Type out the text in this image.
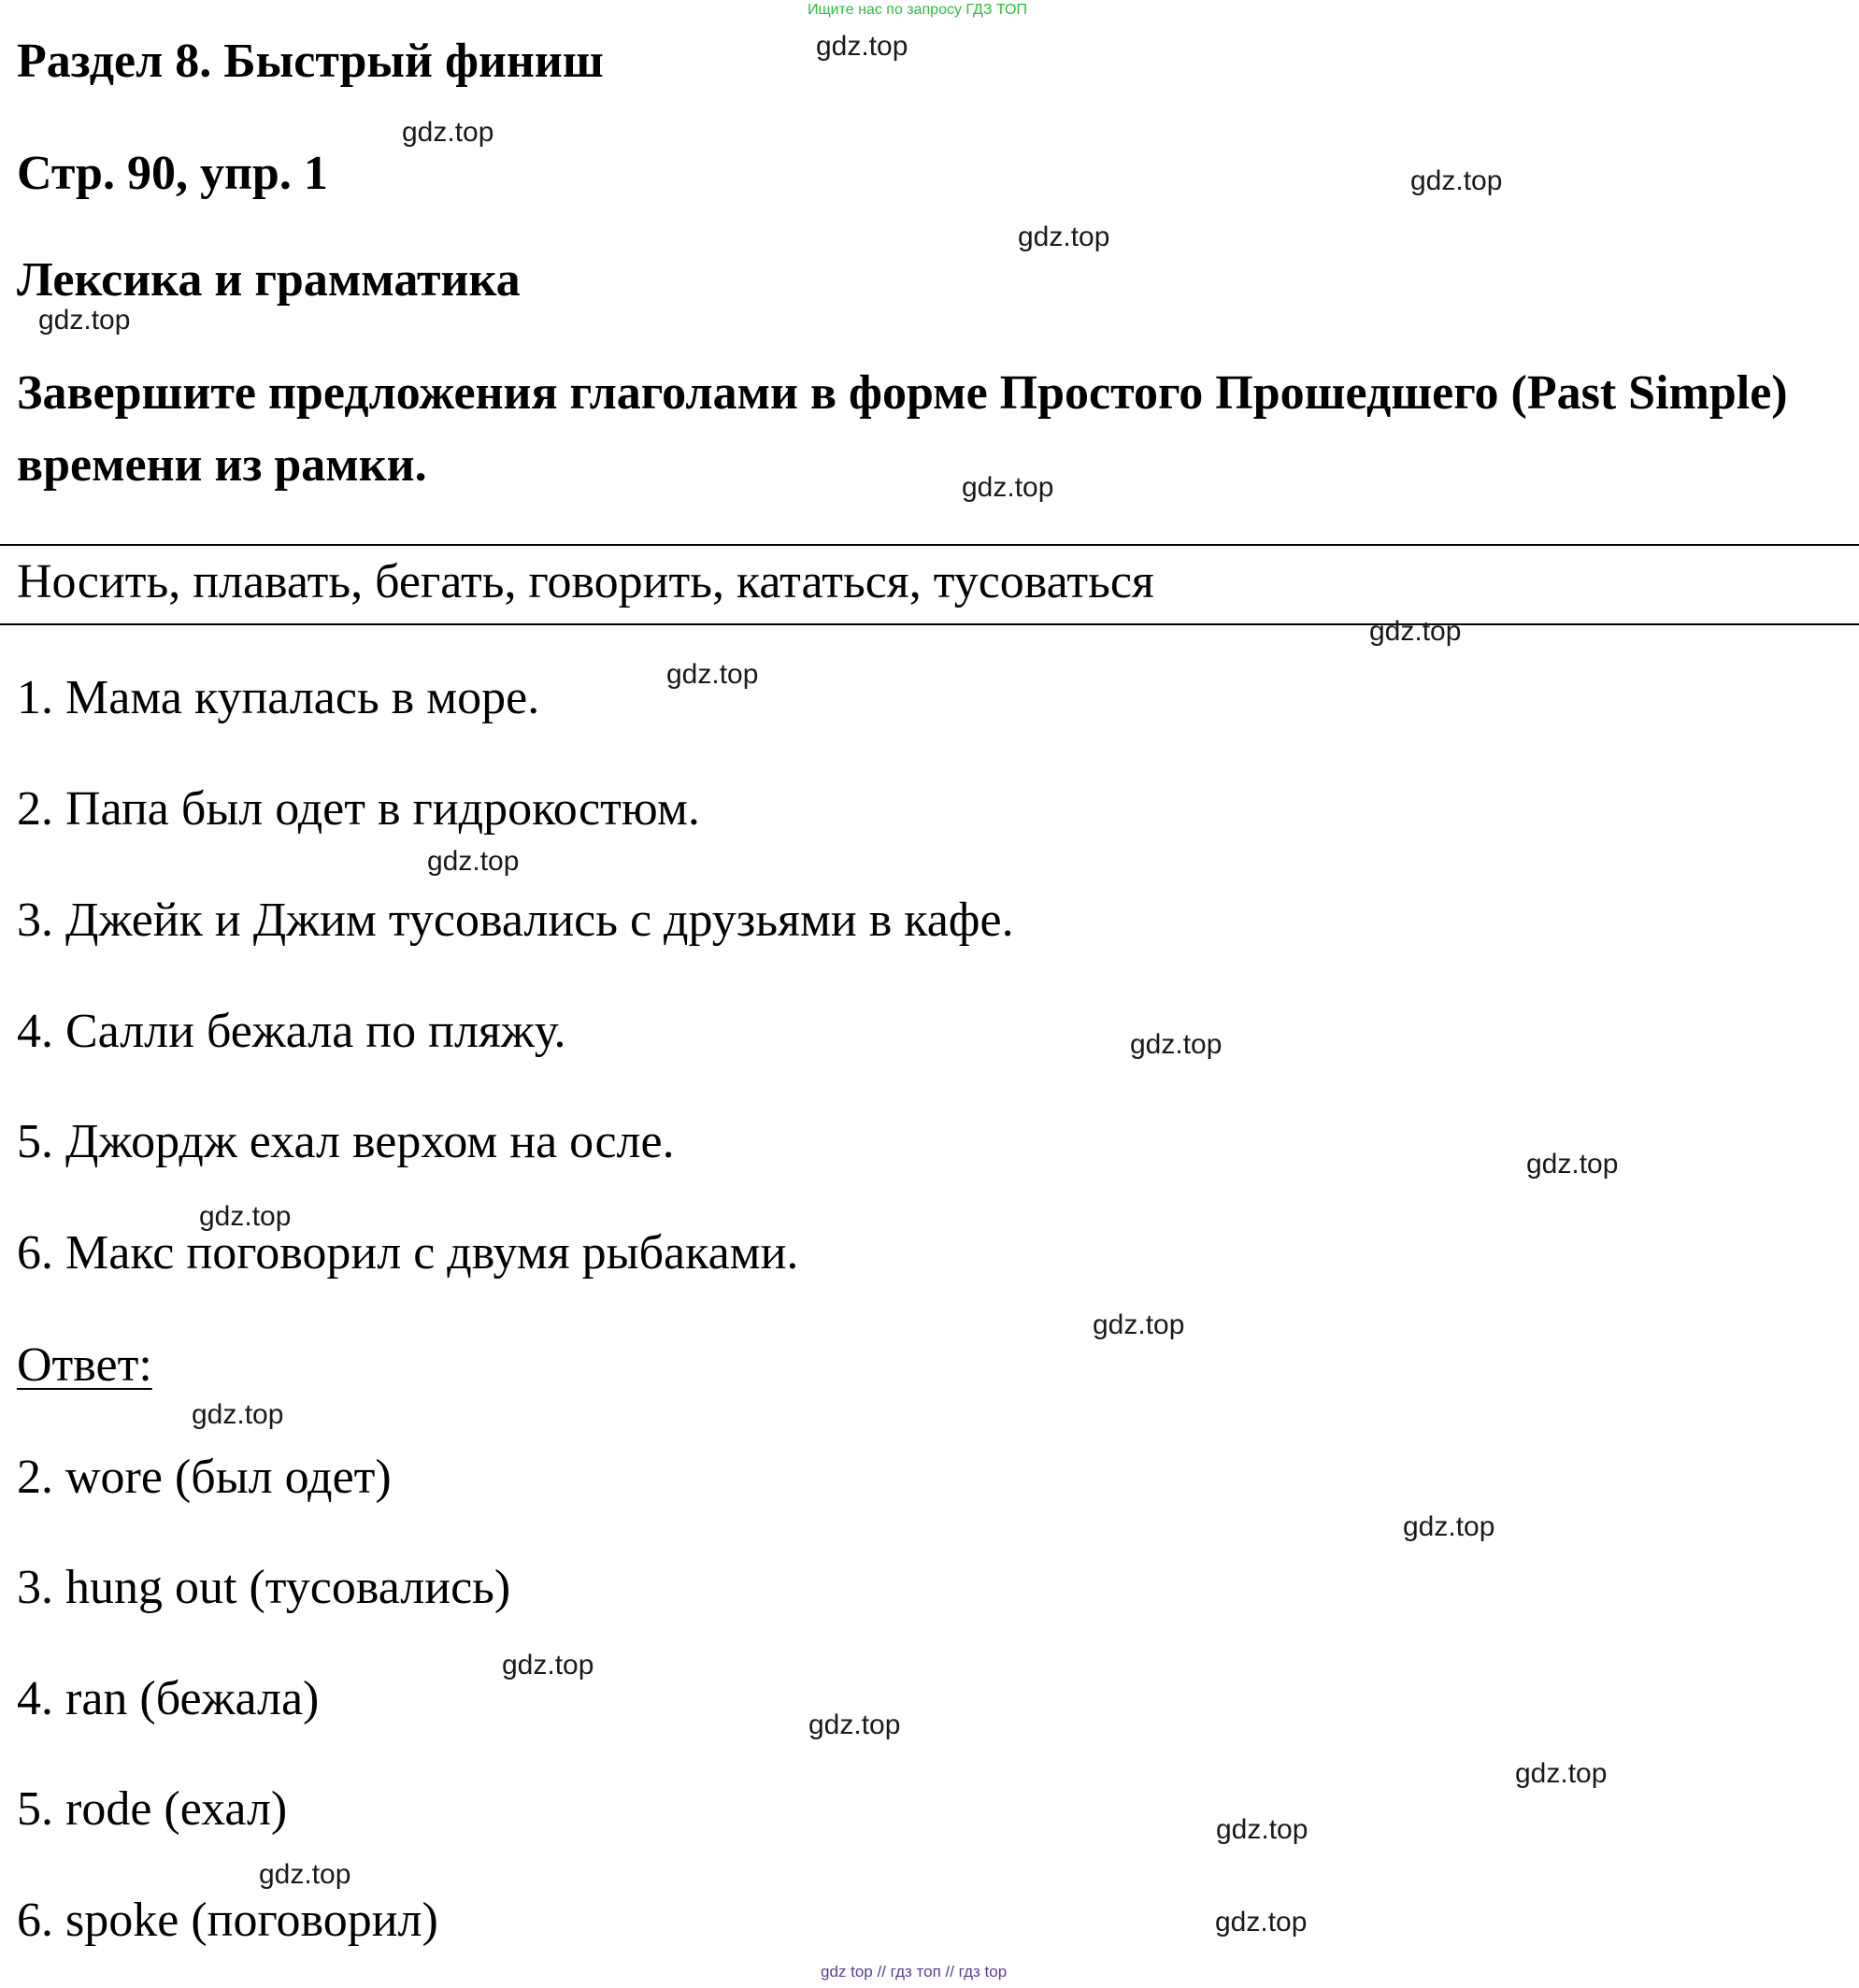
Ищите нас по запросу ГДЗ ТОП
Раздел 8. Быстрый финиш
Стр. 90, упр. 1
Лексика и грамматика
Завершите предложения глаголами в форме Простого Прошедшего (Past Simple) времени из рамки.
Носить, плавать, бегать, говорить, кататься, тусоваться
1. Мама купалась в море.
2. Папа был одет в гидрокостюм.
3. Джейк и Джим тусовались с друзьями в кафе.
4. Салли бежала по пляжу.
5. Джордж ехал верхом на осле.
6. Макс поговорил с двумя рыбаками.
Ответ:
2. wore (был одет)
3. hung out (тусовались)
4. ran (бежала)
5. rode (ехал)
6. spoke (поговорил)
gdz.top
gdz.top
gdz.top
gdz.top
gdz.top
gdz.top
gdz.top
gdz.top
gdz.top
gdz.top
gdz.top
gdz.top
gdz.top
gdz.top
gdz.top
gdz.top
gdz.top
gdz.top
gdz.top
gdz.top
gdz top // гдз топ // гдз top
gdz.top
